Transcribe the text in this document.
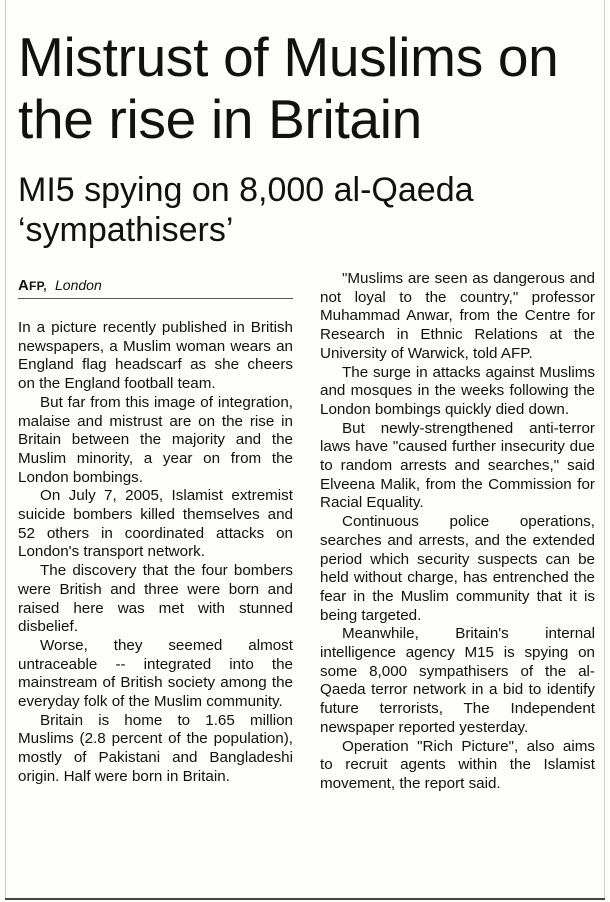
Mistrust of Muslims on the rise in Britain
MI5 spying on 8,000 al-Qaeda ‘sympathisers’
AFP, London

In a picture recently published in British newspapers, a Muslim woman wears an England flag headscarf as she cheers on the England football team.

But far from this image of integration, malaise and mistrust are on the rise in Britain between the majority and the Muslim minority, a year on from the London bombings.

On July 7, 2005, Islamist extremist suicide bombers killed themselves and 52 others in coordinated attacks on London's transport network.

The discovery that the four bombers were British and three were born and raised here was met with stunned disbelief.

Worse, they seemed almost untraceable -- integrated into the mainstream of British society among the everyday folk of the Muslim community.

Britain is home to 1.65 million Muslims (2.8 percent of the population), mostly of Pakistani and Bangladeshi origin. Half were born in Britain.

"Muslims are seen as dangerous and not loyal to the country," professor Muhammad Anwar, from the Centre for Research in Ethnic Relations at the University of Warwick, told AFP.

The surge in attacks against Muslims and mosques in the weeks following the London bombings quickly died down.

But newly-strengthened anti-terror laws have "caused further insecurity due to random arrests and searches," said Elveena Malik, from the Commission for Racial Equality.

Continuous police operations, searches and arrests, and the extended period which security suspects can be held without charge, has entrenched the fear in the Muslim community that it is being targeted.

Meanwhile, Britain's internal intelligence agency M15 is spying on some 8,000 sympathisers of the al-Qaeda terror network in a bid to identify future terrorists, The Independent newspaper reported yesterday.

Operation "Rich Picture", also aims to recruit agents within the Islamist movement, the report said.
